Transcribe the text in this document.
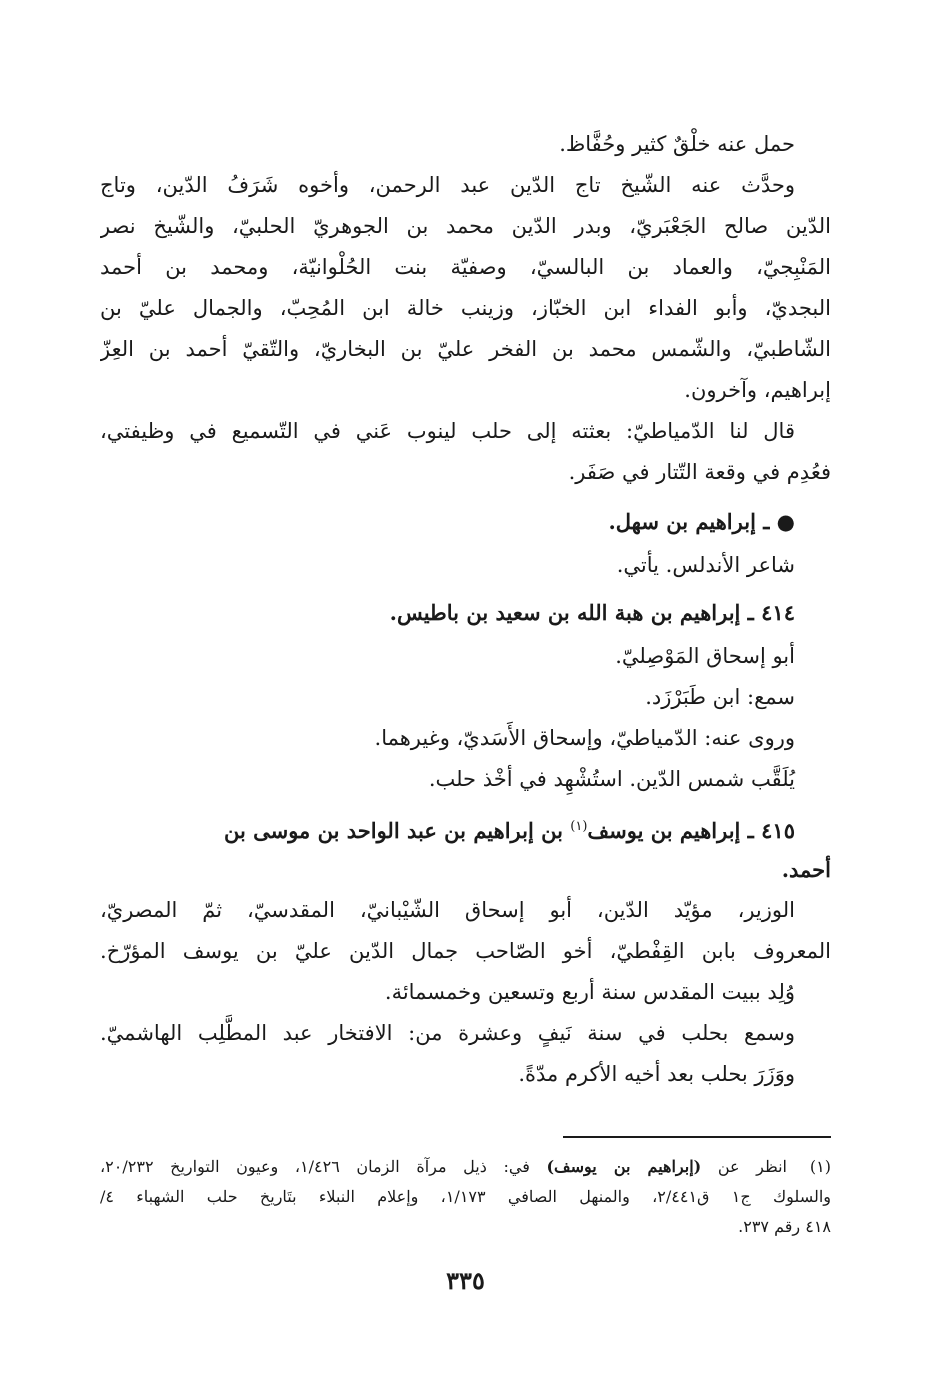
حمل عنه خلْقٌ كثير وحُفَّاظ.
وحدَّث عنه الشّيخ تاج الدّين عبد الرحمن، وأخوه شَرَفُ الدّين، وتاج
الدّين صالح الجَعْبَريّ، وبدر الدّين محمد بن الجوهريّ الحلبيّ، والشّيخ نصر
المَنْبِجيّ، والعماد بن البالسيّ، وصفيّة بنت الحُلْوانيّة، ومحمد بن أحمد
البجديّ، وأبو الفداء ابن الخبّاز، وزينب خالة ابن المُحِبّ، والجمال عليّ بن
الشّاطبيّ، والشّمس محمد بن الفخر عليّ بن البخاريّ، والتّقيّ أحمد بن العِزّ
إبراهيم، وآخرون.
قال لنا الدّمياطيّ: بعثته إلى حلب لينوب عَني في التّسميع في وظيفتي،
فعُدِم في وقعة التّتار في صَفَر.
● ـ إبراهيم بن سهل.
شاعر الأندلس. يأتي.
٤١٤ ـ إبراهيم بن هبة الله بن سعيد بن باطيس.
أبو إسحاق المَوْصِليّ.
سمع: ابن طَبَرْزَد.
وروى عنه: الدّمياطيّ، وإسحاق الأَسَديّ، وغيرهما.
يُلَقَّب شمس الدّين. استُشْهِد في أخْذ حلب.
٤١٥ ـ إبراهيم بن يوسف$^{(١)}$ بن إبراهيم بن عبد الواحد بن موسى بن
أحمد.
الوزير، مؤيّد الدّين، أبو إسحاق الشّيْبانيّ، المقدسيّ، ثمّ المصريّ،
المعروف بابن القِفْطيّ، أخو الصّاحب جمال الدّين عليّ بن يوسف المؤرّخ.
وُلِد ببيت المقدس سنة أربع وتسعين وخمسمائة.
وسمع بحلب في سنة نَيفٍ وعشرة من: الافتخار عبد المطَّلِب الهاشميّ.
ووَزَرَ بحلب بعد أخيه الأكرم مدّةً.
(١)
انظر عن (إبراهيم بن يوسف) في: ذيل مرآة الزمان ١/٤٢٦، وعيون التواريخ ٢٠/٢٣٢،
والسلوك ج١ ق٢/٤٤١، والمنهل الصافي ١/١٧٣، وإعلام النبلاء بتَاريخ حلب الشهباء ٤/
٤١٨ رقم ٢٣٧.
٣٣٥
